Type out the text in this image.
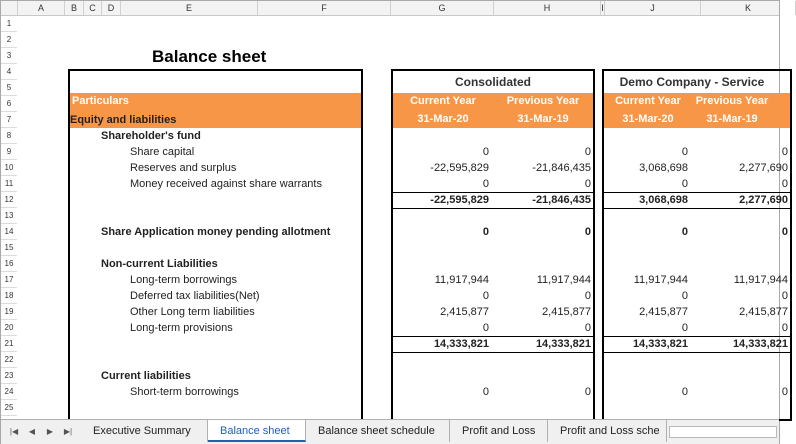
A	B	C	D	E	F	G	H	I	J	K
1
2
3
4
5
6
7
8
9
10
11
12
13
14
15
16
17
18
19
20
21
22
23
24
25
Balance sheet
Particulars
Consolidated
Current Year	Previous Year
31-Mar-20	31-Mar-19
Demo Company - Service
Current Year	Previous Year
31-Mar-20	31-Mar-19
Equity and liabilities
Shareholder's fund
Share capital	0	0	0	0
Reserves and surplus	-22,595,829	-21,846,435	3,068,698	2,277,690
Money received against share warrants	0	0	0	0
-22,595,829	-21,846,435	3,068,698	2,277,690
Share Application money pending allotment	0	0	0	0
Non-current Liabilities
Long-term borrowings	11,917,944	11,917,944	11,917,944	11,917,944
Deferred tax liabilities(Net)	0	0	0	0
Other Long term liabilities	2,415,877	2,415,877	2,415,877	2,415,877
Long-term provisions	0	0	0	0
14,333,821	14,333,821	14,333,821	14,333,821
Current liabilities
Short-term borrowings	0	0	0	0
|◀	◀	▶	▶|	Executive Summary	Balance sheet	Balance sheet schedule	Profit and Loss	Profit and Loss sche
